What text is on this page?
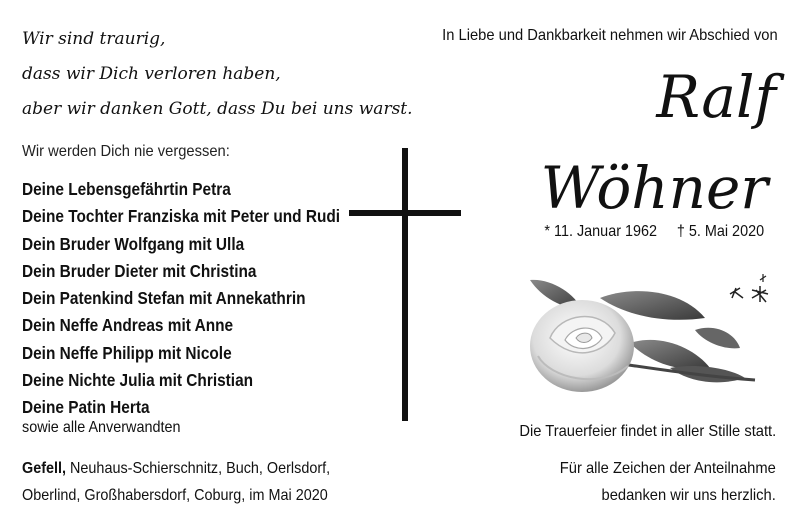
Wir sind traurig,
dass wir Dich verloren haben,
aber wir danken Gott, dass Du bei uns warst.
Wir werden Dich nie vergessen:
Deine Lebensgefährtin Petra
Deine Tochter Franziska mit Peter und Rudi
Dein Bruder Wolfgang mit Ulla
Dein Bruder Dieter mit Christina
Dein Patenkind Stefan mit Annekathrin
Dein Neffe Andreas mit Anne
Dein Neffe Philipp mit Nicole
Deine Nichte Julia mit Christian
Deine Patin Herta
sowie alle Anverwandten
Gefell, Neuhaus-Schierschnitz, Buch, Oerlsdorf,
Oberlind, Großhabersdorf, Coburg, im Mai 2020
In Liebe und Dankbarkeit nehmen wir Abschied von
Ralf
Wöhner
* 11. Januar 1962 † 5. Mai 2020
Die Trauerfeier findet in aller Stille statt.
Für alle Zeichen der Anteilnahme
bedanken wir uns herzlich.
